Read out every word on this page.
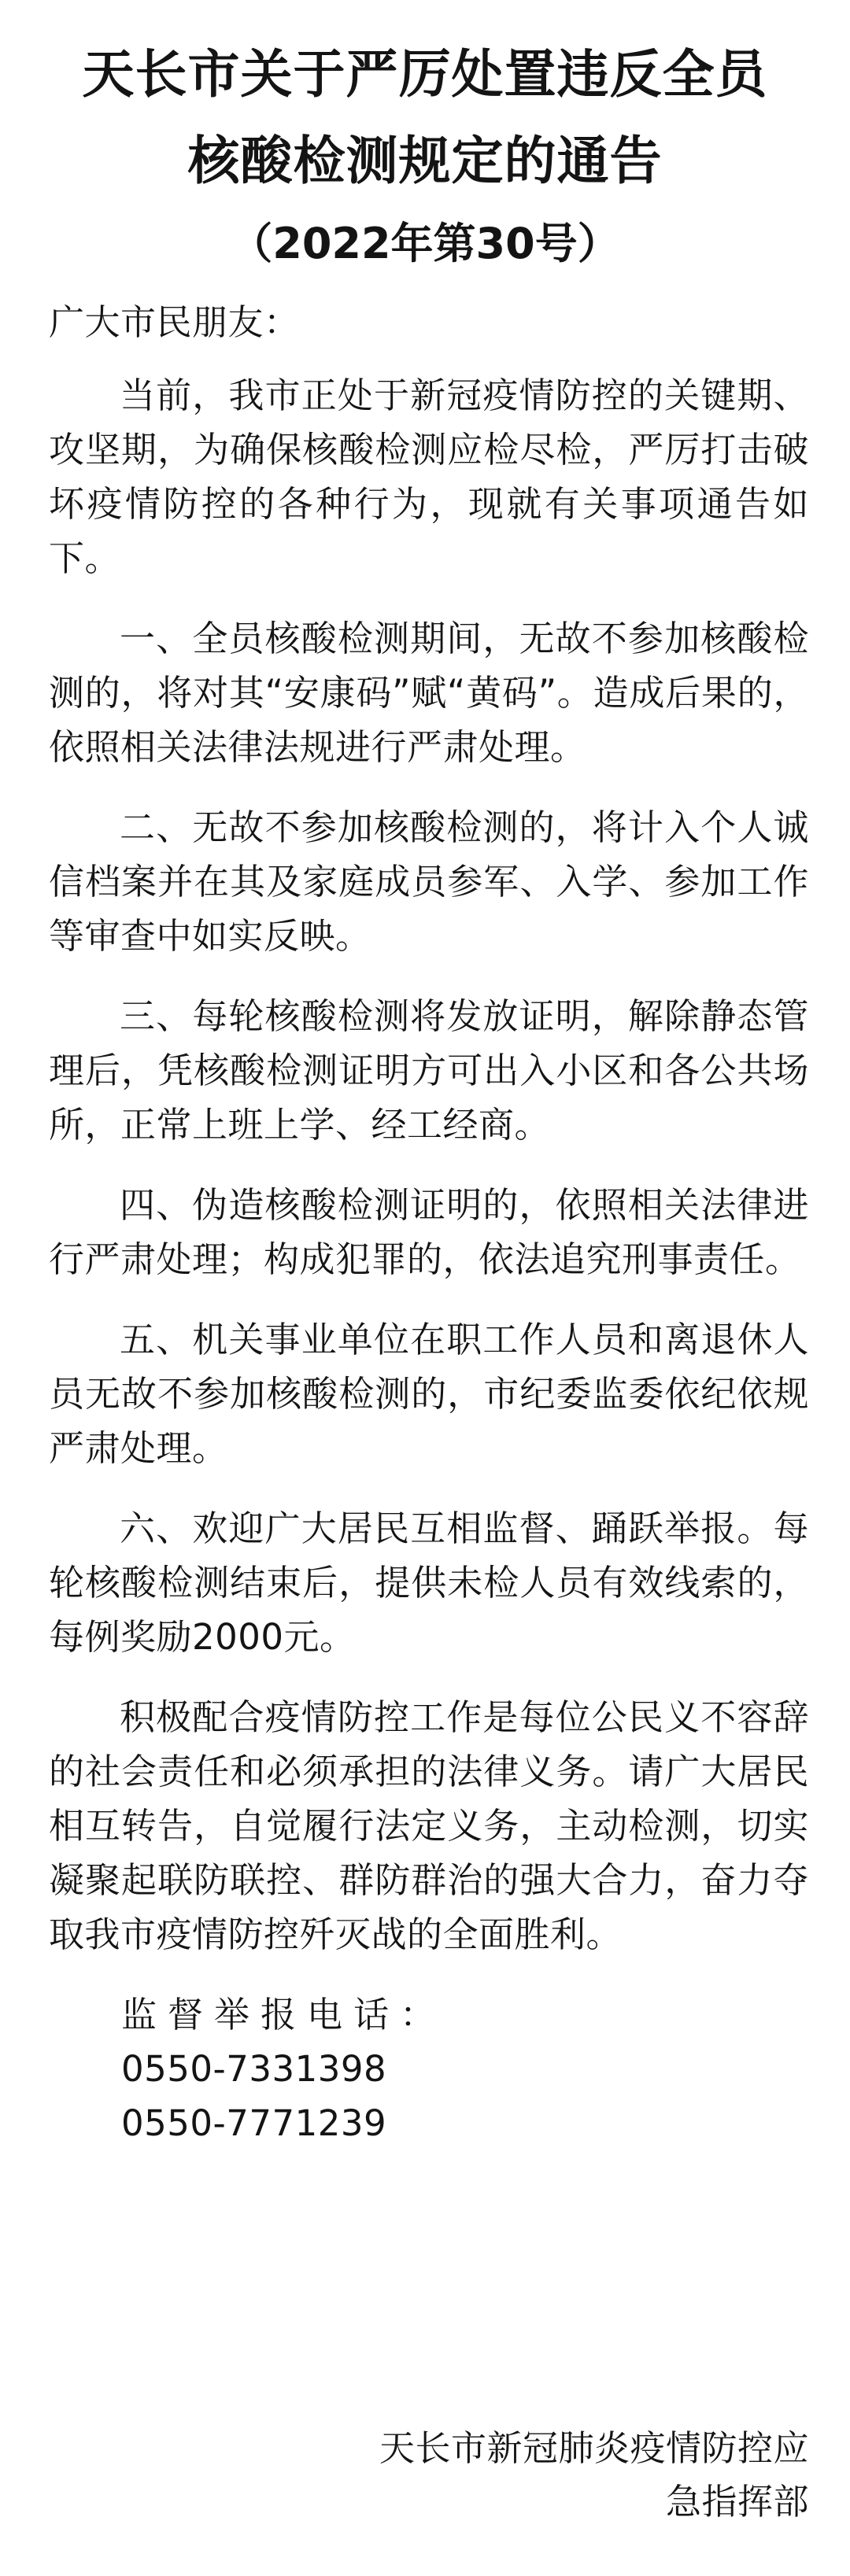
天长市关于严厉处置违反全员
核酸检测规定的通告
（2022年第30号）
广大市民朋友：

当前，我市正处于新冠疫情防控的关键期、攻坚期，为确保核酸检测应检尽检，严厉打击破坏疫情防控的各种行为，现就有关事项通告如下。

一、全员核酸检测期间，无故不参加核酸检测的，将对其“安康码”赋“黄码”。造成后果的，依照相关法律法规进行严肃处理。

二、无故不参加核酸检测的，将计入个人诚信档案并在其及家庭成员参军、入学、参加工作等审查中如实反映。

三、每轮核酸检测将发放证明，解除静态管理后，凭核酸检测证明方可出入小区和各公共场所，正常上班上学、经工经商。

四、伪造核酸检测证明的，依照相关法律进行严肃处理；构成犯罪的，依法追究刑事责任。

五、机关事业单位在职工作人员和离退休人员无故不参加核酸检测的，市纪委监委依纪依规严肃处理。

六、欢迎广大居民互相监督、踊跃举报。每轮核酸检测结束后，提供未检人员有效线索的，每例奖励2000元。

积极配合疫情防控工作是每位公民义不容辞的社会责任和必须承担的法律义务。请广大居民相互转告，自觉履行法定义务，主动检测，切实凝聚起联防联控、群防群治的强大合力，奋力夺取我市疫情防控歼灭战的全面胜利。

监督举报电话：
0550-7331398
0550-7771239
天长市新冠肺炎疫情防控应
急指挥部
